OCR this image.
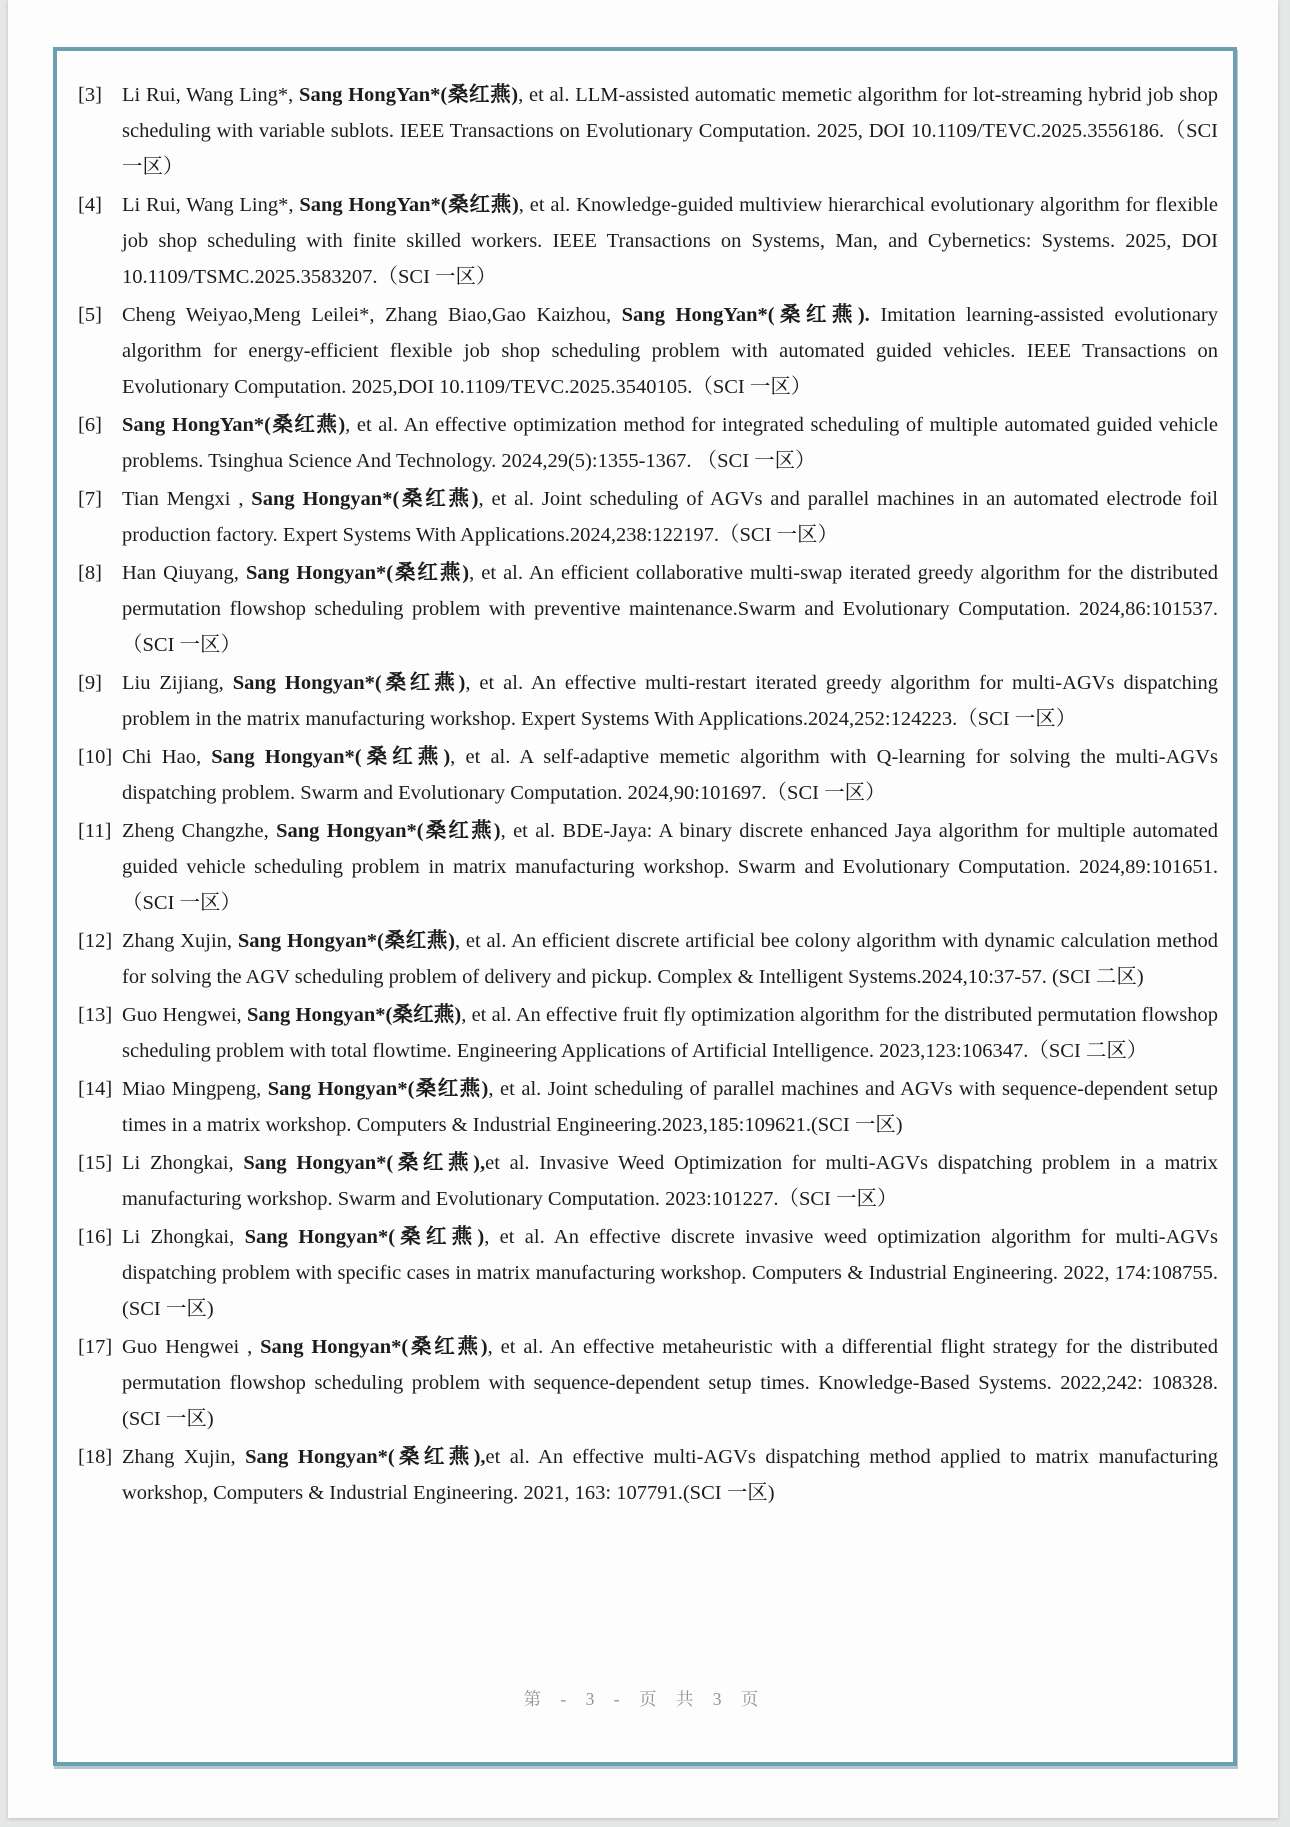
[3] Li Rui, Wang Ling*, Sang HongYan*(桑红燕), et al. LLM-assisted automatic memetic algorithm for lot-streaming hybrid job shop scheduling with variable sublots. IEEE Transactions on Evolutionary Computation. 2025, DOI 10.1109/TEVC.2025.3556186.（SCI 一区）
[4] Li Rui, Wang Ling*, Sang HongYan*(桑红燕), et al. Knowledge-guided multiview hierarchical evolutionary algorithm for flexible job shop scheduling with finite skilled workers. IEEE Transactions on Systems, Man, and Cybernetics: Systems. 2025, DOI 10.1109/TSMC.2025.3583207.（SCI 一区）
[5] Cheng Weiyao,Meng Leilei*, Zhang Biao,Gao Kaizhou, Sang HongYan*(桑红燕). Imitation learning-assisted evolutionary algorithm for energy-efficient flexible job shop scheduling problem with automated guided vehicles. IEEE Transactions on Evolutionary Computation. 2025,DOI 10.1109/TEVC.2025.3540105.（SCI 一区）
[6] Sang HongYan*(桑红燕), et al. An effective optimization method for integrated scheduling of multiple automated guided vehicle problems. Tsinghua Science And Technology. 2024,29(5):1355-1367. （SCI 一区）
[7] Tian Mengxi , Sang Hongyan*(桑红燕), et al. Joint scheduling of AGVs and parallel machines in an automated electrode foil production factory. Expert Systems With Applications.2024,238:122197.（SCI 一区）
[8] Han Qiuyang, Sang Hongyan*(桑红燕), et al. An efficient collaborative multi-swap iterated greedy algorithm for the distributed permutation flowshop scheduling problem with preventive maintenance.Swarm and Evolutionary Computation. 2024,86:101537.（SCI 一区）
[9] Liu Zijiang, Sang Hongyan*(桑红燕), et al. An effective multi-restart iterated greedy algorithm for multi-AGVs dispatching problem in the matrix manufacturing workshop. Expert Systems With Applications.2024,252:124223.（SCI 一区）
[10] Chi Hao, Sang Hongyan*(桑红燕), et al. A self-adaptive memetic algorithm with Q-learning for solving the multi-AGVs dispatching problem. Swarm and Evolutionary Computation. 2024,90:101697.（SCI 一区）
[11] Zheng Changzhe, Sang Hongyan*(桑红燕), et al. BDE-Jaya: A binary discrete enhanced Jaya algorithm for multiple automated guided vehicle scheduling problem in matrix manufacturing workshop. Swarm and Evolutionary Computation. 2024,89:101651.（SCI 一区）
[12] Zhang Xujin, Sang Hongyan*(桑红燕), et al. An efficient discrete artificial bee colony algorithm with dynamic calculation method for solving the AGV scheduling problem of delivery and pickup. Complex & Intelligent Systems.2024,10:37-57. (SCI 二区)
[13] Guo Hengwei, Sang Hongyan*(桑红燕), et al. An effective fruit fly optimization algorithm for the distributed permutation flowshop scheduling problem with total flowtime. Engineering Applications of Artificial Intelligence. 2023,123:106347.（SCI 二区）
[14] Miao Mingpeng, Sang Hongyan*(桑红燕), et al. Joint scheduling of parallel machines and AGVs with sequence-dependent setup times in a matrix workshop. Computers & Industrial Engineering.2023,185:109621.(SCI 一区)
[15] Li Zhongkai, Sang Hongyan*(桑红燕),et al. Invasive Weed Optimization for multi-AGVs dispatching problem in a matrix manufacturing workshop. Swarm and Evolutionary Computation. 2023:101227.（SCI 一区）
[16] Li Zhongkai, Sang Hongyan*(桑红燕), et al. An effective discrete invasive weed optimization algorithm for multi-AGVs dispatching problem with specific cases in matrix manufacturing workshop. Computers & Industrial Engineering. 2022, 174:108755.(SCI 一区)
[17] Guo Hengwei , Sang Hongyan*(桑红燕), et al. An effective metaheuristic with a differential flight strategy for the distributed permutation flowshop scheduling problem with sequence-dependent setup times. Knowledge-Based Systems. 2022,242: 108328. (SCI 一区)
[18] Zhang Xujin, Sang Hongyan*(桑红燕),et al. An effective multi-AGVs dispatching method applied to matrix manufacturing workshop, Computers & Industrial Engineering. 2021, 163: 107791.(SCI 一区)
第 - 3 - 页 共 3 页
